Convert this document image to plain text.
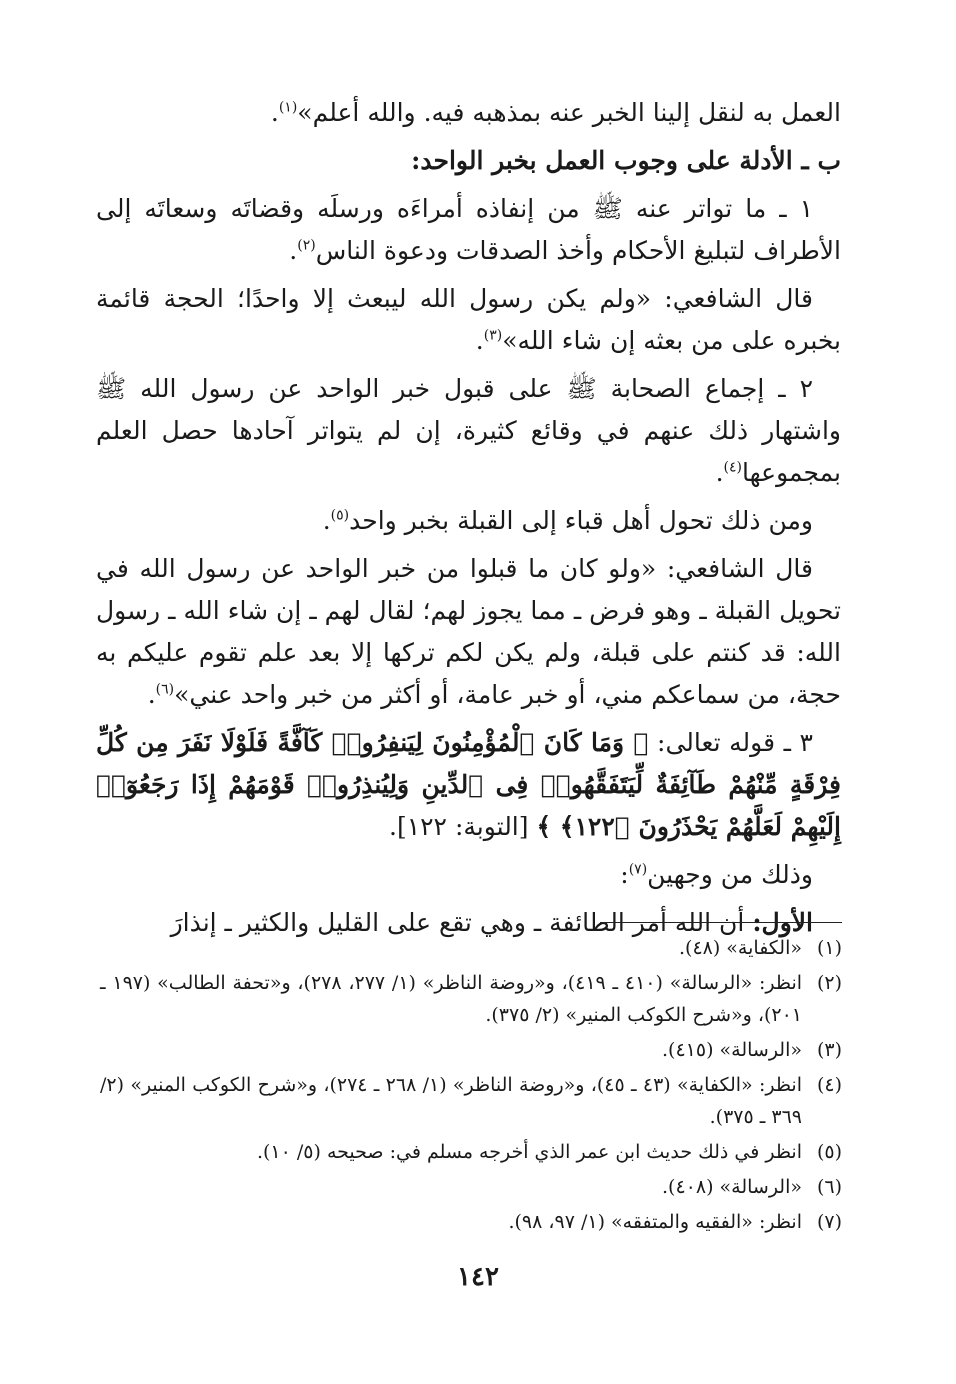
العمل به لنقل إلينا الخبر عنه بمذهبه فيه. والله أعلم»$^{(١)}$.

ب ـ الأدلة على وجوب العمل بخبر الواحد:

١ ـ ما تواتر عنه ﷺ من إنفاذه أمراءَه ورسلَه وقضاتَه وسعاتَه إلى الأطراف لتبليغ الأحكام وأخذ الصدقات ودعوة الناس$^{(٢)}$.

قال الشافعي: «ولم يكن رسول الله ليبعث إلا واحدًا؛ الحجة قائمة بخبره على من بعثه إن شاء الله»$^{(٣)}$.

٢ ـ إجماع الصحابة ﷺ على قبول خبر الواحد عن رسول الله ﷺ واشتهار ذلك عنهم في وقائع كثيرة، إن لم يتواتر آحادها حصل العلم بمجموعها$^{(٤)}$.

ومن ذلك تحول أهل قباء إلى القبلة بخبر واحد$^{(٥)}$.

قال الشافعي: «ولو كان ما قبلوا من خبر الواحد عن رسول الله في تحويل القبلة ـ وهو فرض ـ مما يجوز لهم؛ لقال لهم ـ إن شاء الله ـ رسول الله: قد كنتم على قبلة، ولم يكن لكم تركها إلا بعد علم تقوم عليكم به حجة، من سماعكم مني، أو خبر عامة، أو أكثر من خبر واحد عني»$^{(٦)}$.

٣ ـ قوله تعالى: ﴿ وَمَا كَانَ ٱلْمُؤْمِنُونَ لِيَنفِرُوا۟ كَآفَّةً فَلَوْلَا نَفَرَ مِن كُلِّ فِرْقَةٍ مِّنْهُمْ طَآئِفَةٌ لِّيَتَفَقَّهُوا۟ فِى ٱلدِّينِ وَلِيُنذِرُوا۟ قَوْمَهُمْ إِذَا رَجَعُوٓا۟ إِلَيْهِمْ لَعَلَّهُمْ يَحْذَرُونَ ﴿١٢٢﴾ ﴾ [التوبة: ١٢٢].

وذلك من وجهين$^{(٧)}$:

الأول: أن الله أمر الطائفة ـ وهي تقع على القليل والكثير ـ إنذارَ

(١)
«الكفاية» (٤٨).
(٢)
انظر: «الرسالة» (٤١٠ ـ ٤١٩)، و«روضة الناظر» (١/ ٢٧٧، ٢٧٨)، و«تحفة الطالب» (١٩٧ ـ ٢٠١)، و«شرح الكوكب المنير» (٢/ ٣٧٥).
(٣)
«الرسالة» (٤١٥).
(٤)
انظر: «الكفاية» (٤٣ ـ ٤٥)، و«روضة الناظر» (١/ ٢٦٨ ـ ٢٧٤)، و«شرح الكوكب المنير» (٢/ ٣٦٩ ـ ٣٧٥).
(٥)
انظر في ذلك حديث ابن عمر الذي أخرجه مسلم في: صحيحه (٥/ ١٠).
(٦)
«الرسالة» (٤٠٨).
(٧)
انظر: «الفقيه والمتفقه» (١/ ٩٧، ٩٨).
١٤٢
